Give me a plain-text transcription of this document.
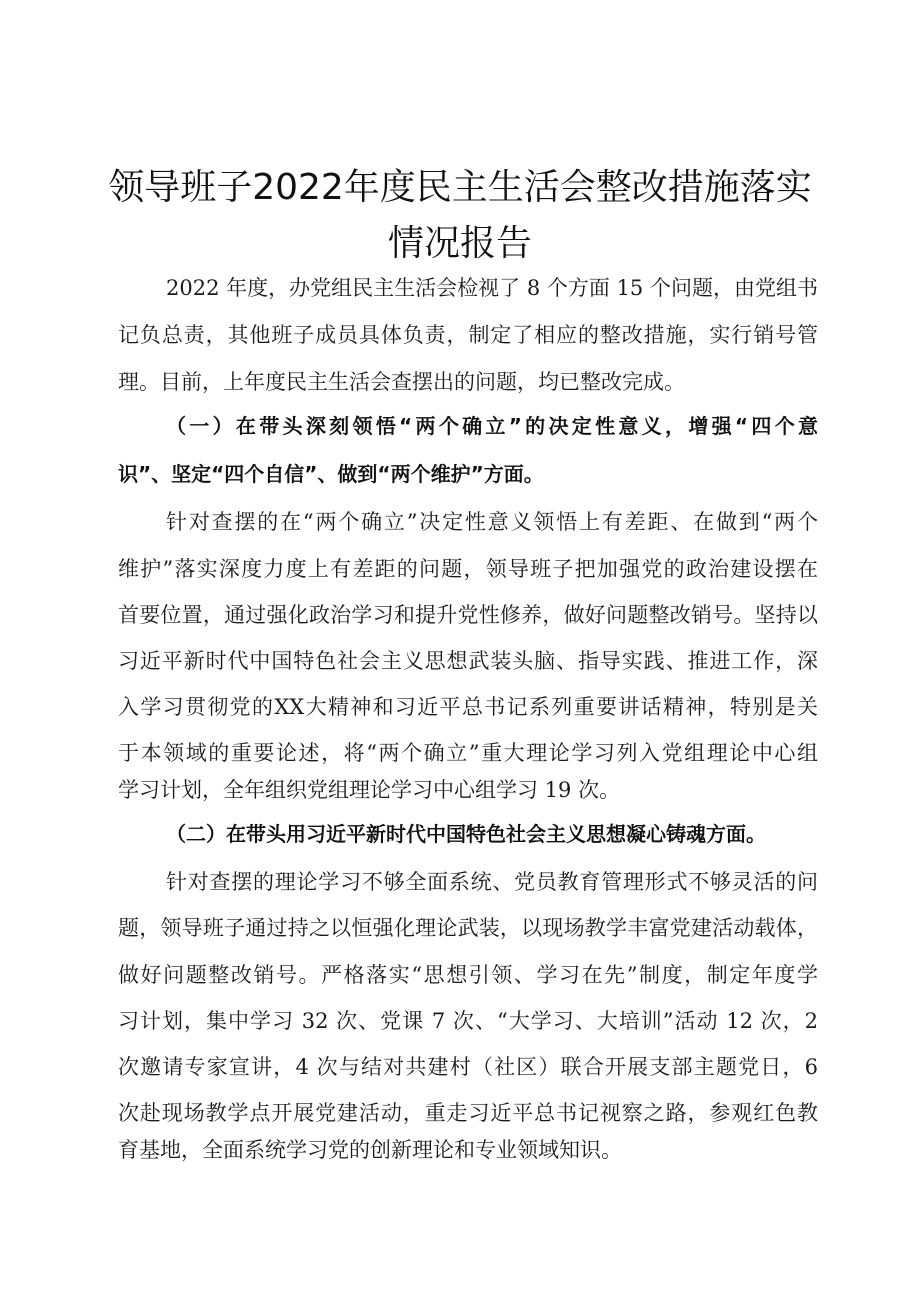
领导班子2022年度民主生活会整改措施落实
情况报告
2022 年度，办党组民主生活会检视了 8 个方面 15 个问题，由党组书
记负总责，其他班子成员具体负责，制定了相应的整改措施，实行销号管
理。目前，上年度民主生活会查摆出的问题，均已整改完成。
（一）在带头深刻领悟“两个确立”的决定性意义，增强“四个意
识”、坚定“四个自信”、做到“两个维护”方面。
针对查摆的在“两个确立”决定性意义领悟上有差距、在做到“两个
维护”落实深度力度上有差距的问题，领导班子把加强党的政治建设摆在
首要位置，通过强化政治学习和提升党性修养，做好问题整改销号。坚持以
习近平新时代中国特色社会主义思想武装头脑、指导实践、推进工作，深
入学习贯彻党的XX大精神和习近平总书记系列重要讲话精神，特别是关
于本领域的重要论述，将“两个确立”重大理论学习列入党组理论中心组
学习计划，全年组织党组理论学习中心组学习 19 次。
（二）在带头用习近平新时代中国特色社会主义思想凝心铸魂方面。
针对查摆的理论学习不够全面系统、党员教育管理形式不够灵活的问
题，领导班子通过持之以恒强化理论武装，以现场教学丰富党建活动载体，
做好问题整改销号。严格落实“思想引领、学习在先”制度，制定年度学
习计划，集中学习 32 次、党课 7 次、“大学习、大培训”活动 12 次，2
次邀请专家宣讲，4 次与结对共建村（社区）联合开展支部主题党日，6
次赴现场教学点开展党建活动，重走习近平总书记视察之路，参观红色教
育基地，全面系统学习党的创新理论和专业领域知识。
